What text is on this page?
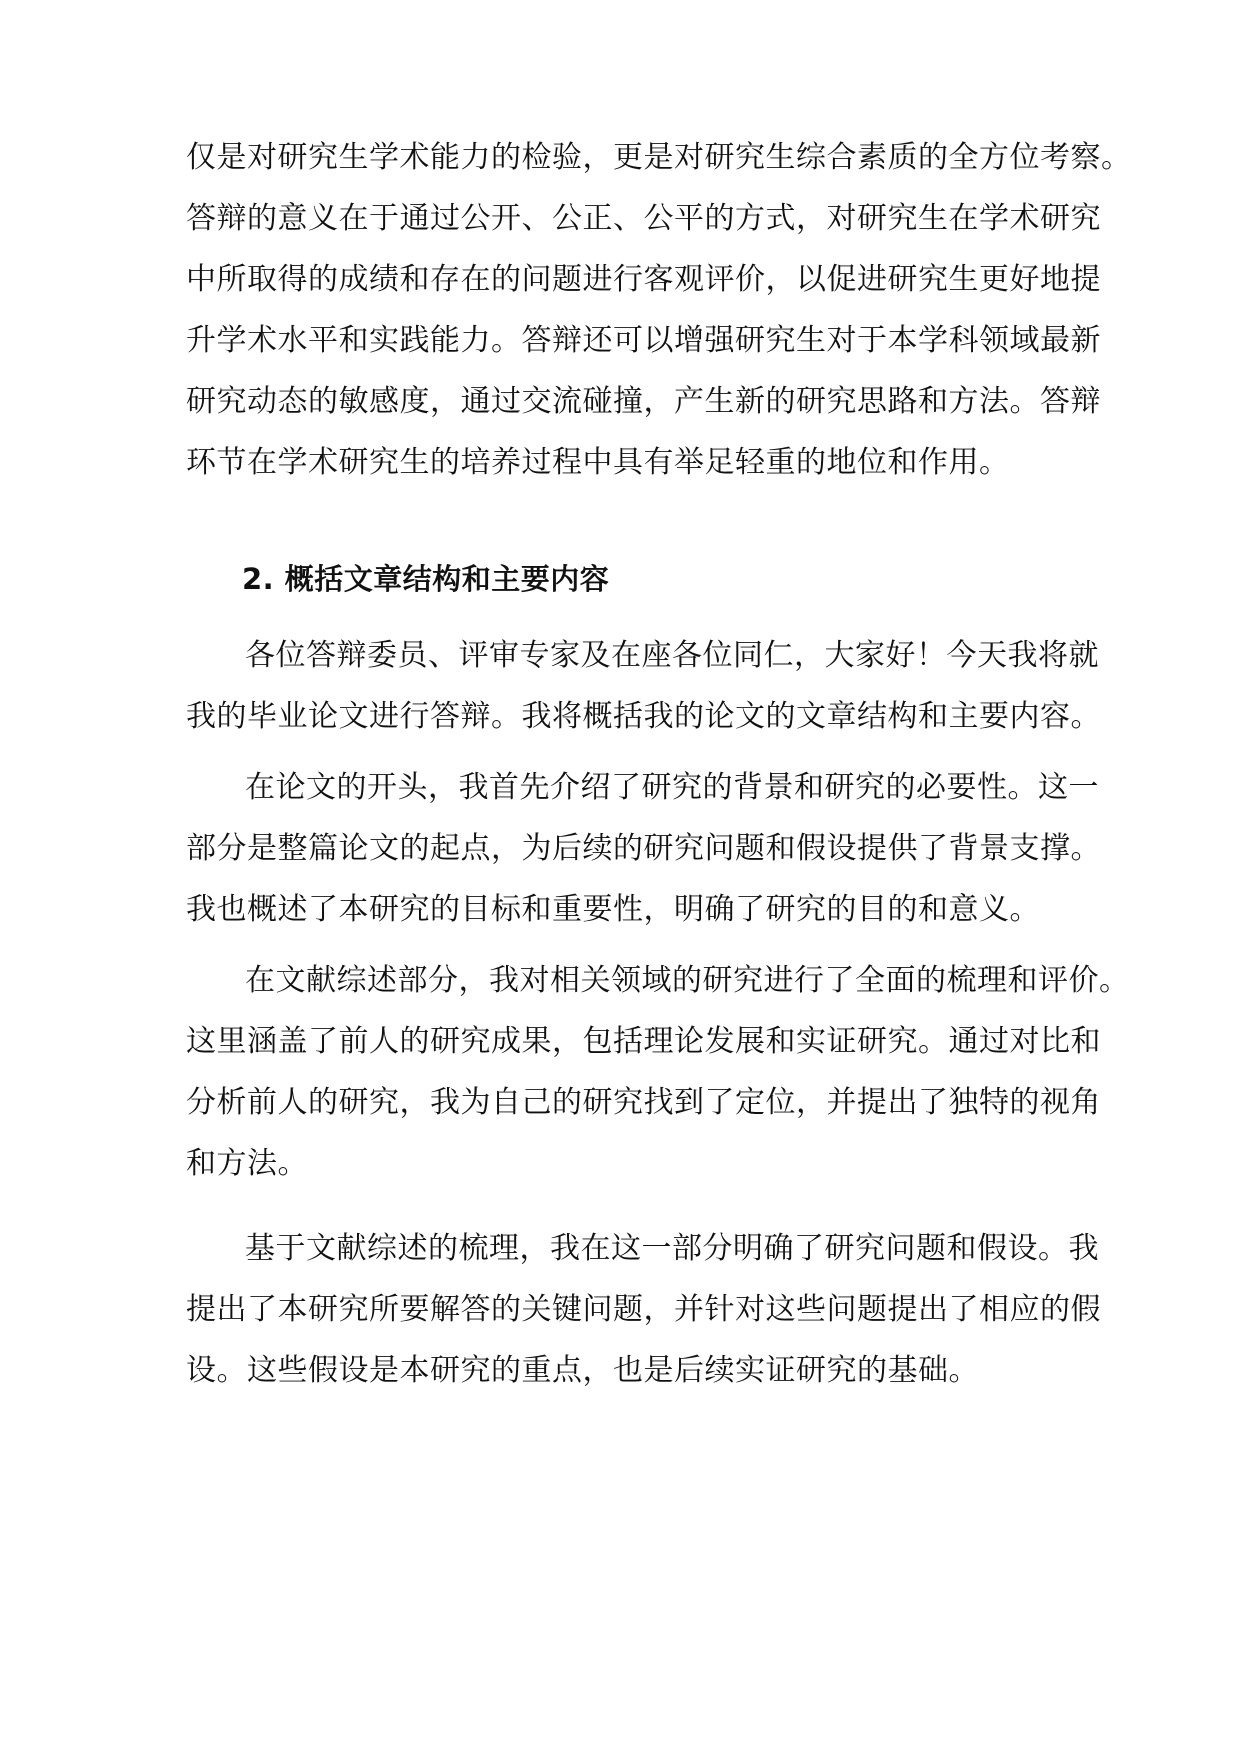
仅是对研究生学术能力的检验，更是对研究生综合素质的全方位考察。
答辩的意义在于通过公开、公正、公平的方式，对研究生在学术研究
中所取得的成绩和存在的问题进行客观评价，以促进研究生更好地提
升学术水平和实践能力。答辩还可以增强研究生对于本学科领域最新
研究动态的敏感度，通过交流碰撞，产生新的研究思路和方法。答辩
环节在学术研究生的培养过程中具有举足轻重的地位和作用。
2. 概括文章结构和主要内容
各位答辩委员、评审专家及在座各位同仁，大家好！今天我将就
我的毕业论文进行答辩。我将概括我的论文的文章结构和主要内容。
在论文的开头，我首先介绍了研究的背景和研究的必要性。这一
部分是整篇论文的起点，为后续的研究问题和假设提供了背景支撑。
我也概述了本研究的目标和重要性，明确了研究的目的和意义。
在文献综述部分，我对相关领域的研究进行了全面的梳理和评价。
这里涵盖了前人的研究成果，包括理论发展和实证研究。通过对比和
分析前人的研究，我为自己的研究找到了定位，并提出了独特的视角
和方法。
基于文献综述的梳理，我在这一部分明确了研究问题和假设。我
提出了本研究所要解答的关键问题，并针对这些问题提出了相应的假
设。这些假设是本研究的重点，也是后续实证研究的基础。
